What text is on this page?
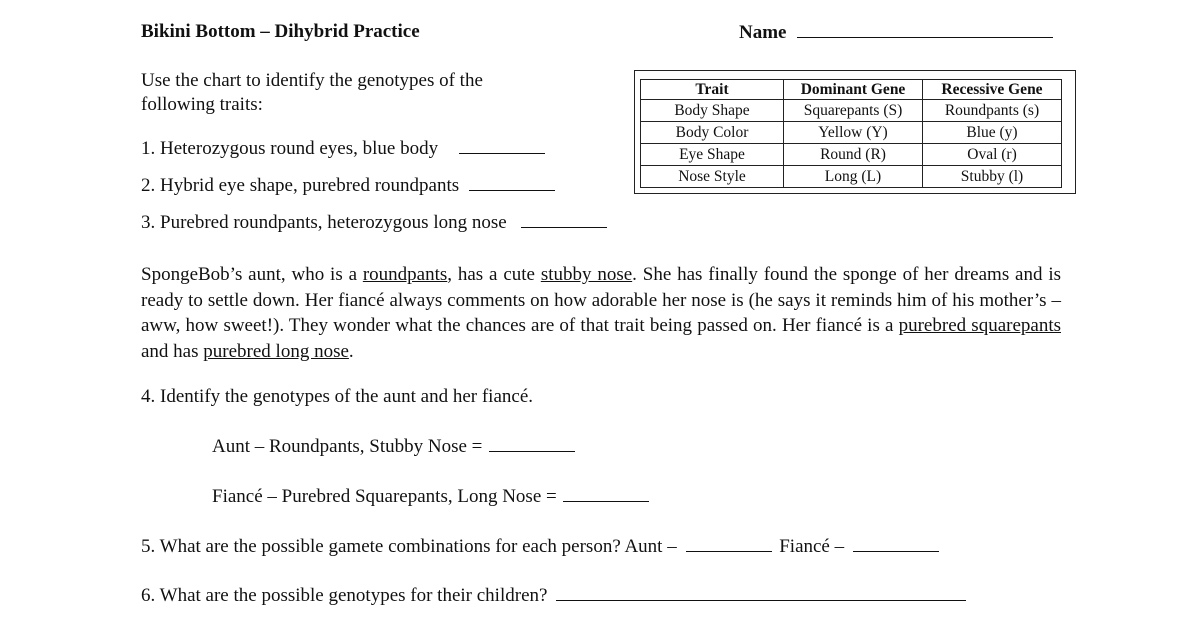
Bikini Bottom – Dihybrid Practice	Name
Use the chart to identify the genotypes of the
following traits:
1. Heterozygous round eyes, blue body
2. Hybrid eye shape, purebred roundpants
3. Purebred roundpants, heterozygous long nose
Trait	Dominant Gene	Recessive Gene
Body Shape	Squarepants (S)	Roundpants (s)
Body Color	Yellow (Y)	Blue (y)
Eye Shape	Round (R)	Oval (r)
Nose Style	Long (L)	Stubby (l)
SpongeBob’s aunt, who is a roundpants, has a cute stubby nose. She has finally found the sponge of her dreams and is ready to settle down. Her fiancé always comments on how adorable her nose is (he says it reminds him of his mother’s – aww, how sweet!). They wonder what the chances are of that trait being passed on. Her fiancé is a purebred squarepants and has purebred long nose.
4. Identify the genotypes of the aunt and her fiancé.
Aunt – Roundpants, Stubby Nose =
Fiancé – Purebred Squarepants, Long Nose =
5. What are the possible gamete combinations for each person? Aunt –	Fiancé –
6. What are the possible genotypes for their children?
